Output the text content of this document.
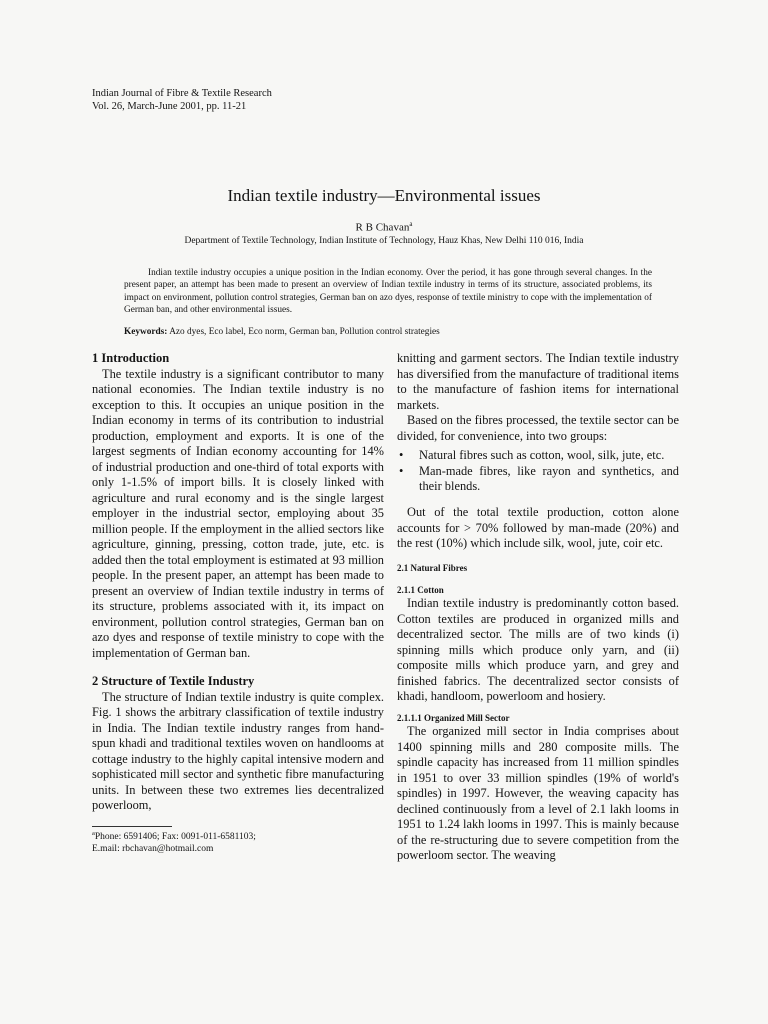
Indian Journal of Fibre & Textile Research
Vol. 26, March-June 2001, pp. 11-21
Indian textile industry—Environmental issues
R B Chavan$^a$
Department of Textile Technology, Indian Institute of Technology, Hauz Khas, New Delhi 110 016, India
Indian textile industry occupies a unique position in the Indian economy. Over the period, it has gone through several changes. In the present paper, an attempt has been made to present an overview of Indian textile industry in terms of its structure, associated problems, its impact on environment, pollution control strategies, German ban on azo dyes, response of textile ministry to cope with the implementation of German ban, and other environmental issues.
Keywords: Azo dyes, Eco label, Eco norm, German ban, Pollution control strategies
1 Introduction

The textile industry is a significant contributor to many national economies. The Indian textile industry is no exception to this. It occupies an unique position in the Indian economy in terms of its contribution to industrial production, employment and exports. It is one of the largest segments of Indian economy accounting for 14% of industrial production and one-third of total exports with only 1-1.5% of import bills. It is closely linked with agriculture and rural economy and is the single largest employer in the industrial sector, employing about 35 million people. If the employment in the allied sectors like agriculture, ginning, pressing, cotton trade, jute, etc. is added then the total employment is estimated at 93 million people. In the present paper, an attempt has been made to present an overview of Indian textile industry in terms of its structure, problems associated with it, its impact on environment, pollution control strategies, German ban on azo dyes and response of textile ministry to cope with the implementation of German ban.

2 Structure of Textile Industry

The structure of Indian textile industry is quite complex. Fig. 1 shows the arbitrary classification of textile industry in India. The Indian textile industry ranges from hand-spun khadi and traditional textiles woven on handlooms at cottage industry to the highly capital intensive modern and sophisticated mill sector and synthetic fibre manufacturing units. In between these two extremes lies decentralized powerloom,

$^a$Phone: 6591406; Fax: 0091-011-6581103;
E.mail: rbchavan@hotmail.com

knitting and garment sectors. The Indian textile industry has diversified from the manufacture of traditional items to the manufacture of fashion items for international markets.

Based on the fibres processed, the textile sector can be divided, for convenience, into two groups:

• Natural fibres such as cotton, wool, silk, jute, etc.
• Man-made fibres, like rayon and synthetics, and their blends.

Out of the total textile production, cotton alone accounts for > 70% followed by man-made (20%) and the rest (10%) which include silk, wool, jute, coir etc.

2.1 Natural Fibres
2.1.1 Cotton

Indian textile industry is predominantly cotton based. Cotton textiles are produced in organized mills and decentralized sector. The mills are of two kinds (i) spinning mills which produce only yarn, and (ii) composite mills which produce yarn, and grey and finished fabrics. The decentralized sector consists of khadi, handloom, powerloom and hosiery.

2.1.1.1 Organized Mill Sector

The organized mill sector in India comprises about 1400 spinning mills and 280 composite mills. The spindle capacity has increased from 11 million spindles in 1951 to over 33 million spindles (19% of world's spindles) in 1997. However, the weaving capacity has declined continuously from a level of 2.1 lakh looms in 1951 to 1.24 lakh looms in 1997. This is mainly because of the re-structuring due to severe competition from the powerloom sector. The weaving
